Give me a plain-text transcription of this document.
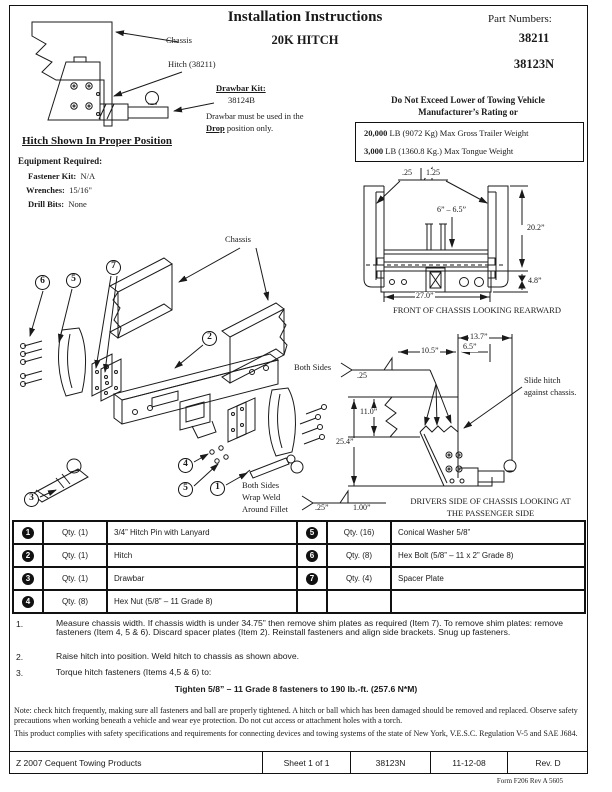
Installation Instructions
20K HITCH
Part Numbers:
38211
38123N
Chassis
Hitch (38211)
Drawbar Kit:
38124B
Drawbar must be used in the
Drop position only.
Hitch Shown In Proper Position
Equipment Required:
Fastener Kit: N/A
Wrenches: 15/16"
Drill Bits: None
Do Not Exceed Lower of Towing Vehicle
Manufacturer’s Rating or
20,000 LB (9072 Kg) Max Gross Trailer Weight
3,000 LB (1360.8 Kg.) Max Tongue Weight
.25 1.25
6” – 6.5”
20.2”
4.8”
27.0”
FRONT OF CHASSIS LOOKING REARWARD
Chassis
Both Sides
.25
Both Sides
Wrap Weld
Around Fillet	.25”	1.00”
7
6	5
2
4
5	1
3
13.7”
10.5”	6.5”
11.0”
25.4”
Slide hitch
against chassis.
DRIVERS SIDE OF CHASSIS LOOKING AT
THE PASSENGER SIDE
1	Qty. (1)	3/4” Hitch Pin with Lanyard	5	Qty. (16)	Conical Washer 5/8”
2	Qty. (1)	Hitch	6	Qty. (8)	Hex Bolt (5/8” – 11 x 2” Grade 8)
3	Qty. (1)	Drawbar	7	Qty. (4)	Spacer Plate
4	Qty. (8)	Hex Nut (5/8” – 11 Grade 8)
1.	Measure chassis width. If chassis width is under 34.75” then remove shim plates as required (Item 7). To remove shim plates: remove fasteners (Item 4, 5 & 6). Discard spacer plates (Item 2). Reinstall fasteners and align side brackets. Snug up fasteners.
2.	Raise hitch into position. Weld hitch to chassis as shown above.
3.	Torque hitch fasteners (Items 4,5 & 6) to:
Tighten 5/8” – 11 Grade 8 fasteners to 190 lb.-ft. (257.6 N*M)
Note: check hitch frequently, making sure all fasteners and ball are properly tightened. A hitch or ball which has been damaged should be removed and replaced. Observe safety precautions when working beneath a vehicle and wear eye protection. Do not cut access or attachment holes with a torch.
This product complies with safety specifications and requirements for connecting devices and towing systems of the state of New York, V.E.S.C. Regulation V-5 and SAE J684.
Z 2007 Cequent Towing Products	Sheet 1 of 1	38123N	11-12-08	Rev. D
Form F206 Rev A 5605
